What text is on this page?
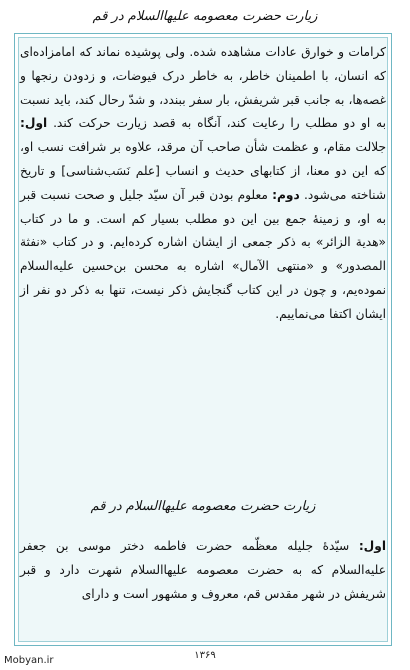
زیارت حضرت معصومه علیهاالسلام در قم

کرامات و خوارق عادات مشاهده شده. ولی پوشیده نماند که امامزاده‌ای که انسان، با اطمینان خاطر، به خاطر درک فیوضات، و زدودن رنجها و غصه‌ها، به جانب قبر شریفش، بار سفر ببندد، و شدّ رحال کند، باید نسبت به او دو مطلب را رعایت کند، آنگاه به قصد زیارت حرکت کند. اول: جلالت مقام، و عظمت شأن صاحب آن مرقد، علاوه بر شرافت نسب او، که این دو معنا، از کتابهای حدیث و انساب [علم نَسَب‌شناسی] و تاریخ شناخته می‌شود. دوم: معلوم بودن قبر آن سیّد جلیل و صحت نسبت قبر به او، و زمینهٔ جمع بین این دو مطلب بسیار کم است. و ما در کتاب «هدیة الزائر» به ذکر جمعی از ایشان اشاره کرده‌ایم. و در کتاب «نفثة المصدور» و «منتهی الآمال» اشاره به محسن بن‌حسین علیه‌السلام نموده‌یم، و چون در این کتاب گنجایش ذکر نیست، تنها به ذکر دو نفر از ایشان اکتفا می‌نماییم.

زیارت حضرت معصومه علیهاالسلام در قم

اول: سیّدهٔ جلیله معظّمه حضرت فاطمه دختر موسی بن جعفر علیه‌السلام که به حضرت معصومه علیهاالسلام شهرت دارد و قبر شریفش در شهر مقدس قم، معروف و مشهور است و دارای

۱۳۶۹
Mobyan.ir
